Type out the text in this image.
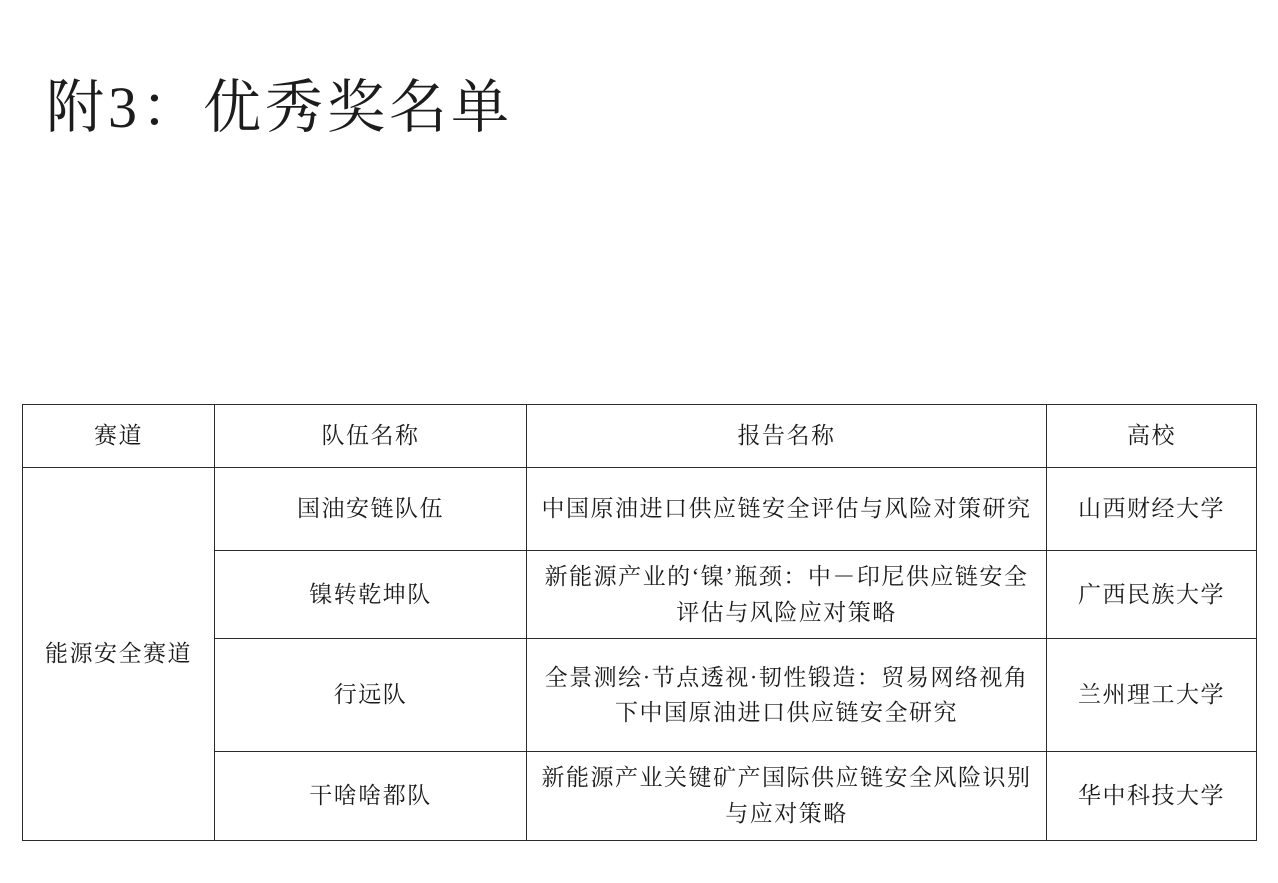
附3：优秀奖名单
赛道	队伍名称	报告名称	高校
能源安全赛道	国油安链队伍	中国原油进口供应链安全评估与风险对策研究	山西财经大学
	镍转乾坤队	新能源产业的‘镍’瓶颈：中－印尼供应链安全评估与风险应对策略	广西民族大学
	行远队	全景测绘·节点透视·韧性锻造：贸易网络视角下中国原油进口供应链安全研究	兰州理工大学
	干啥啥都队	新能源产业关键矿产国际供应链安全风险识别与应对策略	华中科技大学
